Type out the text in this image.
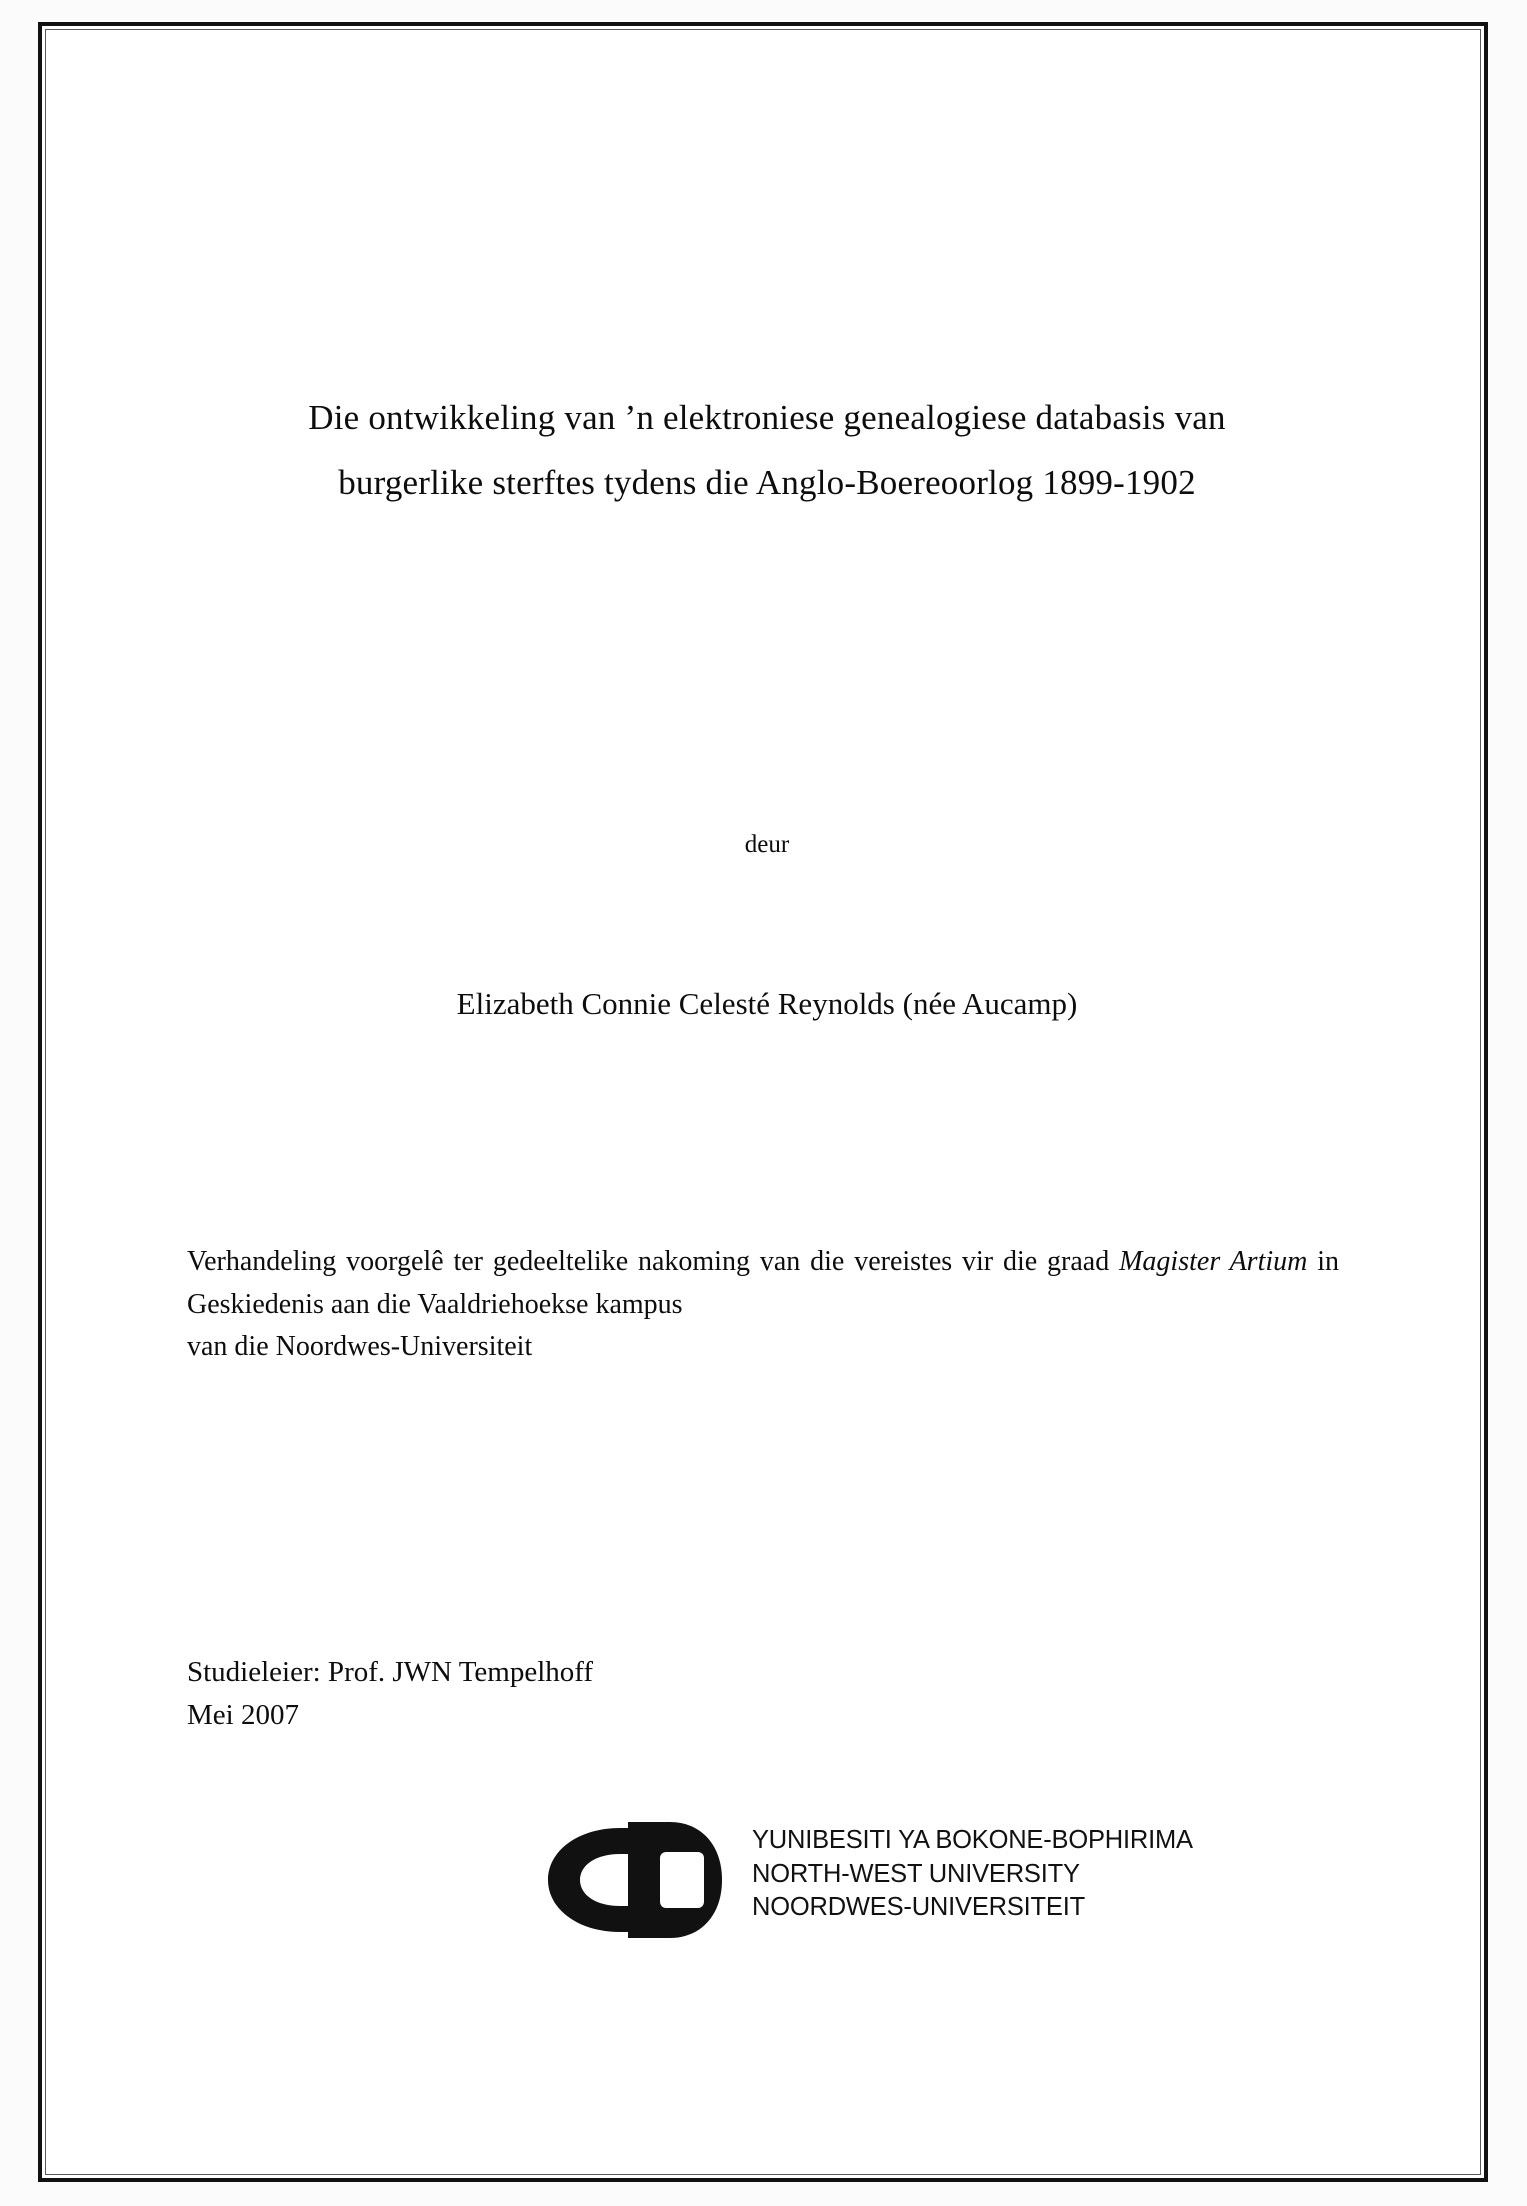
Die ontwikkeling van ’n elektroniese genealogiese databasis van
burgerlike sterftes tydens die Anglo-Boereoorlog 1899-1902
deur
Elizabeth Connie Celesté Reynolds (née Aucamp)
Verhandeling voorgelê ter gedeeltelike nakoming van die vereistes vir die graad Magister Artium in Geskiedenis aan die Vaaldriehoekse kampus
van die Noordwes-Universiteit
Studieleier: Prof. JWN Tempelhoff
Mei 2007
YUNIBESITI YA BOKONE-BOPHIRIMA
NORTH-WEST UNIVERSITY
NOORDWES-UNIVERSITEIT
